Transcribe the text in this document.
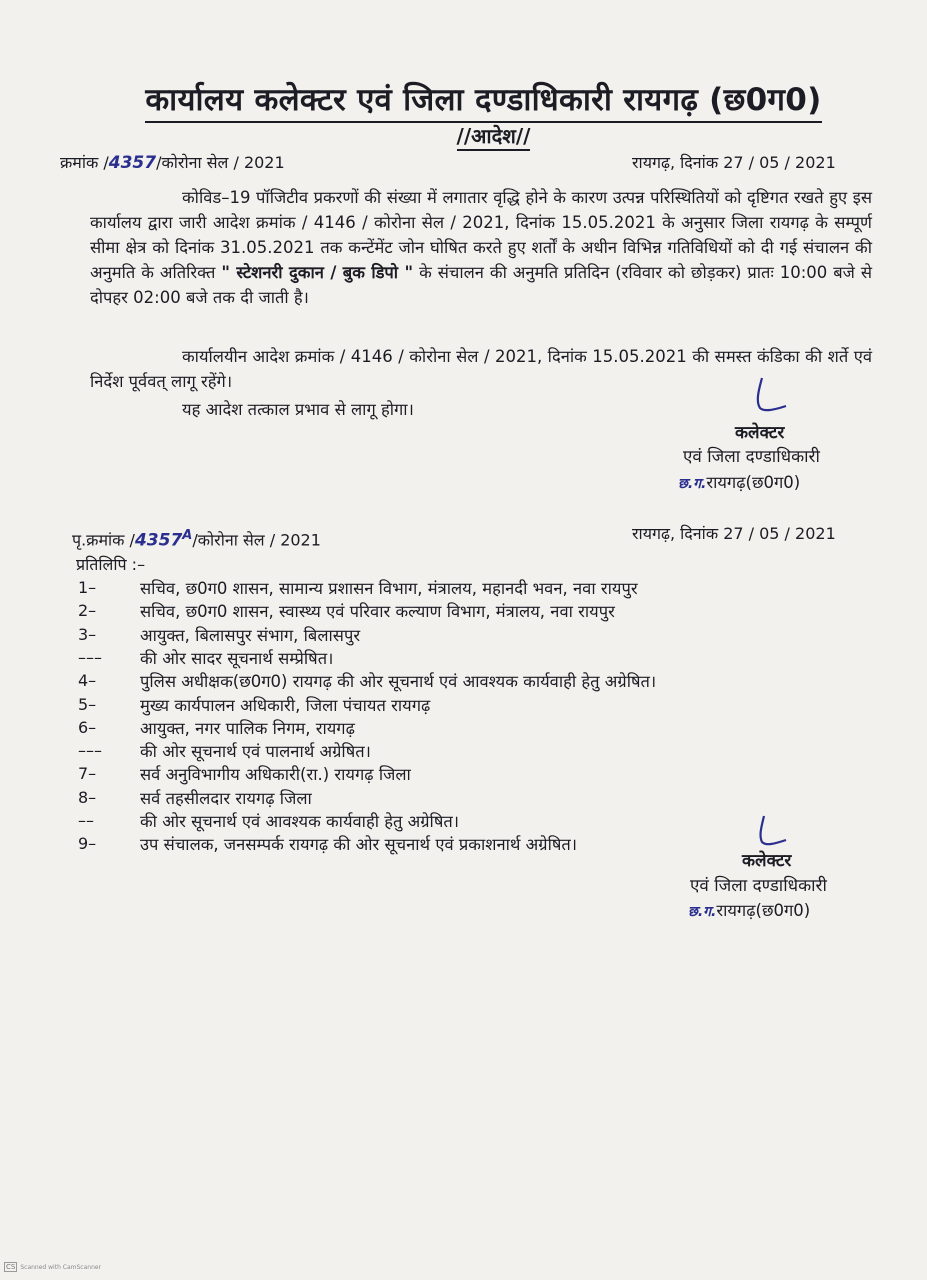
कार्यालय कलेक्टर एवं जिला दण्डाधिकारी रायगढ़ (छ0ग0)
//आदेश//
क्रमांक /4357/कोरोना सेल / 2021	रायगढ़, दिनांक 27 / 05 / 2021
कोविड–19 पॉजिटीव प्रकरणों की संख्या में लगातार वृद्धि होने के कारण उत्पन्न परिस्थितियों को दृष्टिगत रखते हुए इस कार्यालय द्वारा जारी आदेश क्रमांक / 4146 / कोरोना सेल / 2021, दिनांक 15.05.2021 के अनुसार जिला रायगढ़ के सम्पूर्ण सीमा क्षेत्र को दिनांक 31.05.2021 तक कन्टेंमेंट जोन घोषित करते हुए शर्तों के अधीन विभिन्न गतिविधियों को दी गई संचालन की अनुमति के अतिरिक्त " स्टेशनरी दुकान / बुक डिपो " के संचालन की अनुमति प्रतिदिन (रविवार को छोड़कर) प्रातः 10:00 बजे से दोपहर 02:00 बजे तक दी जाती है।
कार्यालयीन आदेश क्रमांक / 4146 / कोरोना सेल / 2021, दिनांक 15.05.2021 की समस्त कंडिका की शर्ते एवं निर्देश पूर्ववत् लागू रहेंगे।
यह आदेश तत्काल प्रभाव से लागू होगा।
कलेक्टर
एवं जिला दण्डाधिकारी
छ.ग.रायगढ़(छ0ग0)
पृ.क्रमांक $/4357^A/कोरोना$ सेल / 2021	रायगढ़, दिनांक 27 / 05 / 2021
प्रतिलिपि :–
1–	सचिव, छ0ग0 शासन, सामान्य प्रशासन विभाग, मंत्रालय, महानदी भवन, नवा रायपुर
2–	सचिव, छ0ग0 शासन, स्वास्थ्य एवं परिवार कल्याण विभाग, मंत्रालय, नवा रायपुर
3–	आयुक्त, बिलासपुर संभाग, बिलासपुर
––– की ओर सादर सूचनार्थ सम्प्रेषित।
4–	पुलिस अधीक्षक(छ0ग0) रायगढ़ की ओर सूचनार्थ एवं आवश्यक कार्यवाही हेतु अग्रेषित।
5–	मुख्य कार्यपालन अधिकारी, जिला पंचायत रायगढ़
6–	आयुक्त, नगर पालिक निगम, रायगढ़
––– की ओर सूचनार्थ एवं पालनार्थ अग्रेषित।
7–	सर्व अनुविभागीय अधिकारी(रा.) रायगढ़ जिला
8–	सर्व तहसीलदार रायगढ़ जिला
––	की ओर सूचनार्थ एवं आवश्यक कार्यवाही हेतु अग्रेषित।
9–	उप संचालक, जनसम्पर्क रायगढ़ की ओर सूचनार्थ एवं प्रकाशनार्थ अग्रेषित।
कलेक्टर
एवं जिला दण्डाधिकारी
छ.ग.रायगढ़(छ0ग0)
CS Scanned with CamScanner
